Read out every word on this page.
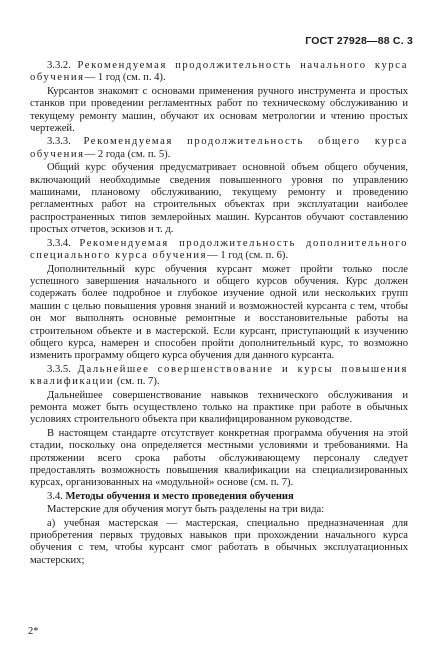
ГОСТ 27928—88 С. 3

3.3.2. Рекомендуемая продолжительность начального курса обучения— 1 год (см. п. 4).

Курсантов знакомят с основами применения ручного инструмента и простых станков при проведении регламентных работ по техническому обслуживанию и текущему ремонту машин, обучают их основам метрологии и чтению простых чертежей.

3.3.3. Рекомендуемая продолжительность общего курса обучения— 2 года (см. п. 5).

Общий курс обучения предусматривает основной объем общего обучения, включающий необходимые сведения повышенного уровня по управлению машинами, плановому обслуживанию, текущему ремонту и проведению регламентных работ на строительных объектах при эксплуатации наиболее распространенных типов землеройных машин. Курсантов обучают составлению простых отчетов, эскизов и т. д.

3.3.4. Рекомендуемая продолжительность дополнительного специального курса обучения— 1 год (см. п. 6).

Дополнительный курс обучения курсант может пройти только после успешного завершения начального и общего курсов обучения. Курс должен содержать более подробное и глубокое изучение одной или нескольких групп машин с целью повышения уровня знаний и возможностей курсанта с тем, чтобы он мог выполнять основные ремонтные и восстановительные работы на строительном объекте и в мастерской. Если курсант, приступающий к изучению общего курса, намерен и способен пройти дополнительный курс, то возможно изменить программу общего курса обучения для данного курсанта.

3.3.5. Дальнейшее совершенствование и курсы повышения квалификации (см. п. 7).

Дальнейшее совершенствование навыков технического обслуживания и ремонта может быть осуществлено только на практике при работе в обычных условиях строительного объекта при квалифицированном руководстве.

В настоящем стандарте отсутствует конкретная программа обучения на этой стадии, поскольку она определяется местными условиями и требованиями. На протяжении всего срока работы обслуживающему персоналу следует предоставлять возможность повышения квалификации на специализированных курсах, организованных на «модульной» основе (см. п. 7).

3.4. Методы обучения и место проведения обучения

Мастерские для обучения могут быть разделены на три вида:

а) учебная мастерская — мастерская, специально предназначенная для приобретения первых трудовых навыков при прохождении начального курса обучения с тем, чтобы курсант смог работать в обычных эксплуатационных мастерских;

2*
